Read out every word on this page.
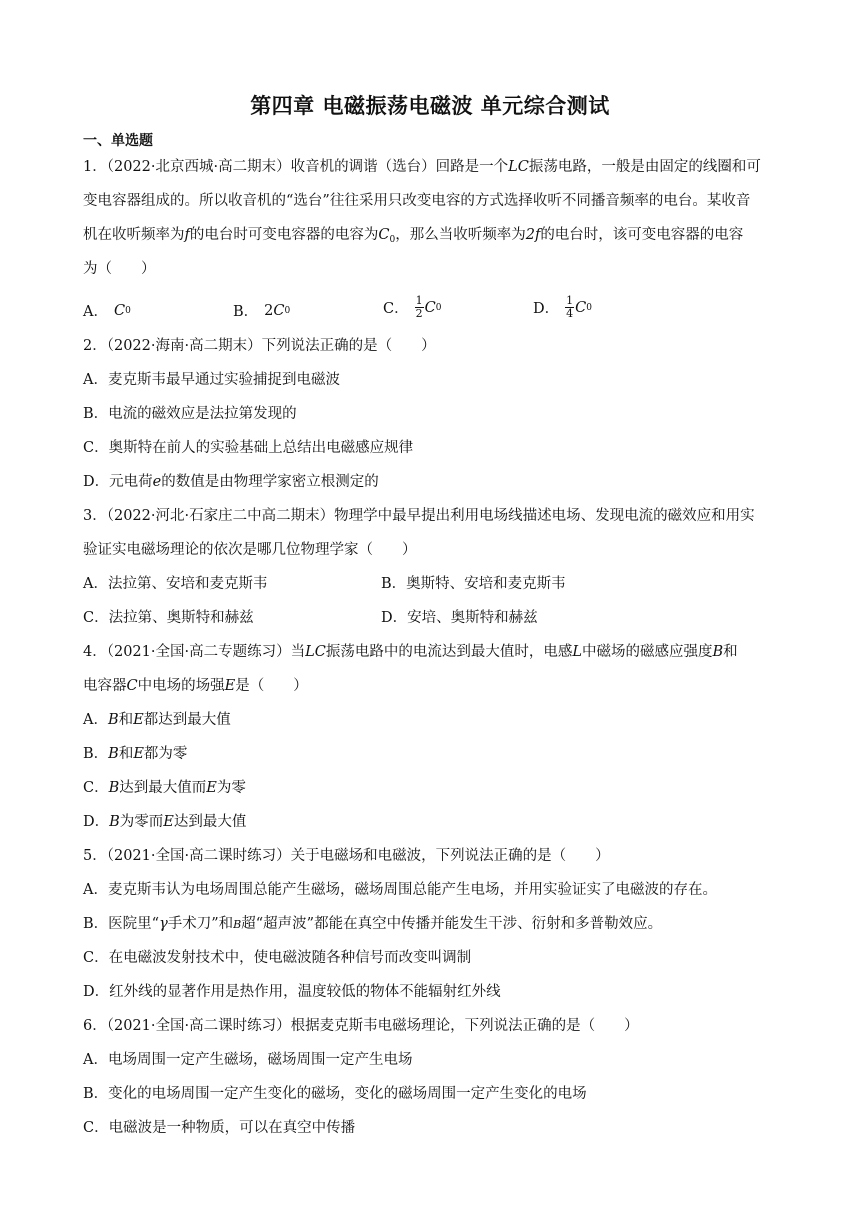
第四章 电磁振荡电磁波 单元综合测试
一、单选题
1．（2022·北京西城·高二期末）收音机的调谐（选台）回路是一个LC振荡电路，一般是由固定的线圈和可
变电容器组成的。所以收音机的“选台”往往采用只改变电容的方式选择收听不同播音频率的电台。某收音
机在收听频率为f的电台时可变电容器的电容为$C_0$，那么当收听频率为2f的电台时，该可变电容器的电容
为（　　）
A． C 0	B． 2 C 0	C． $\frac{1}{2}$ C 0	D． $\frac{1}{4}$ C 0
2．（2022·海南·高二期末）下列说法正确的是（　　）
A．麦克斯韦最早通过实验捕捉到电磁波
B．电流的磁效应是法拉第发现的
C．奥斯特在前人的实验基础上总结出电磁感应规律
D．元电荷e的数值是由物理学家密立根测定的
3．（2022·河北·石家庄二中高二期末）物理学中最早提出利用电场线描述电场、发现电流的磁效应和用实
验证实电磁场理论的依次是哪几位物理学家（　　）
A．法拉第、安培和麦克斯韦	B．奥斯特、安培和麦克斯韦
C．法拉第、奥斯特和赫兹	D．安培、奥斯特和赫兹
4．（2021·全国·高二专题练习）当LC振荡电路中的电流达到最大值时，电感L中磁场的磁感应强度B和
电容器C中电场的场强E是（　　）
A．B和E都达到最大值
B．B和E都为零
C．B达到最大值而E为零
D．B为零而E达到最大值
5．（2021·全国·高二课时练习）关于电磁场和电磁波，下列说法正确的是（　　）
A．麦克斯韦认为电场周围总能产生磁场，磁场周围总能产生电场，并用实验证实了电磁波的存在。
B．医院里“γ手术刀”和B超“超声波”都能在真空中传播并能发生干涉、衍射和多普勒效应。
C．在电磁波发射技术中，使电磁波随各种信号而改变叫调制
D．红外线的显著作用是热作用，温度较低的物体不能辐射红外线
6．（2021·全国·高二课时练习）根据麦克斯韦电磁场理论，下列说法正确的是（　　）
A．电场周围一定产生磁场，磁场周围一定产生电场
B．变化的电场周围一定产生变化的磁场，变化的磁场周围一定产生变化的电场
C．电磁波是一种物质，可以在真空中传播
